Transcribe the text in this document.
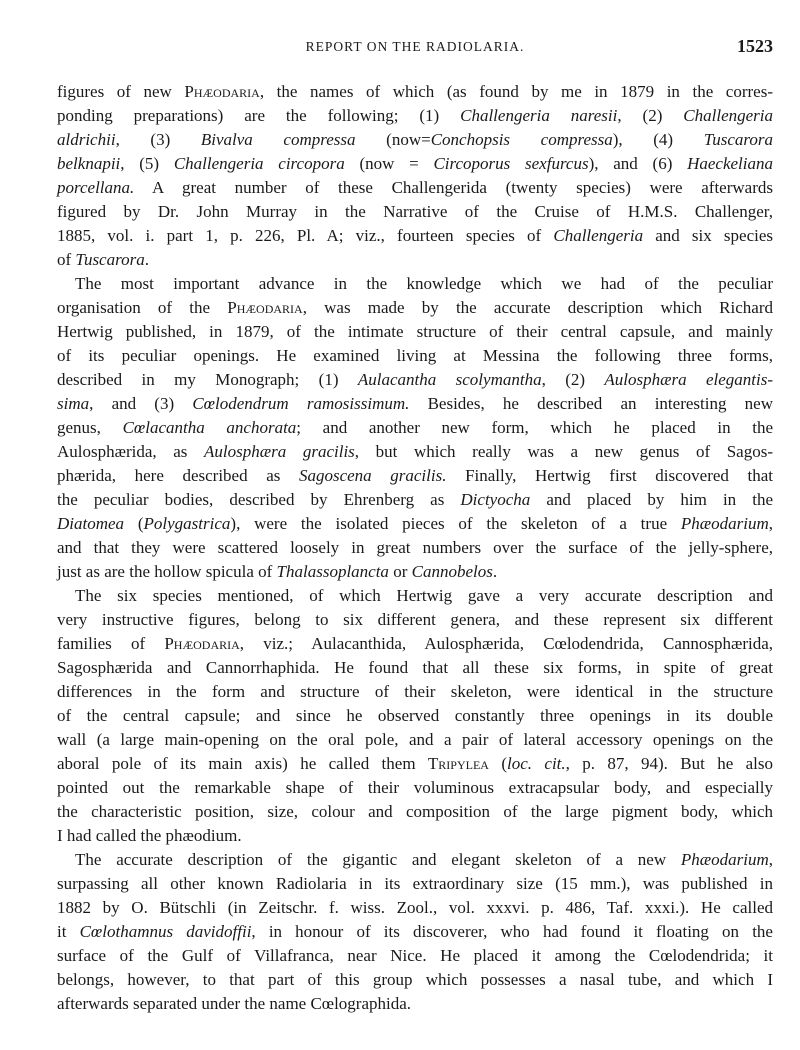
REPORT ON THE RADIOLARIA.	1523
figures of new Phæodaria, the names of which (as found by me in 1879 in the corres-
ponding preparations) are the following; (1) Challengeria naresii, (2) Challengeria
aldrichii, (3) Bivalva compressa (now=Conchopsis compressa), (4) Tuscarora
belknapii, (5) Challengeria circopora (now = Circoporus sexfurcus), and (6) Haeckeliana
porcellana. A great number of these Challengerida (twenty species) were afterwards
figured by Dr. John Murray in the Narrative of the Cruise of H.M.S. Challenger,
1885, vol. i. part 1, p. 226, Pl. A; viz., fourteen species of Challengeria and six species
of Tuscarora.
The most important advance in the knowledge which we had of the peculiar
organisation of the Phæodaria, was made by the accurate description which Richard
Hertwig published, in 1879, of the intimate structure of their central capsule, and mainly
of its peculiar openings. He examined living at Messina the following three forms,
described in my Monograph; (1) Aulacantha scolymantha, (2) Aulosphæra elegantis-
sima, and (3) Cœlodendrum ramosissimum. Besides, he described an interesting new
genus, Cœlacantha anchorata; and another new form, which he placed in the
Aulosphærida, as Aulosphæra gracilis, but which really was a new genus of Sagos-
phærida, here described as Sagoscena gracilis. Finally, Hertwig first discovered that
the peculiar bodies, described by Ehrenberg as Dictyocha and placed by him in the
Diatomea (Polygastrica), were the isolated pieces of the skeleton of a true Phæodarium,
and that they were scattered loosely in great numbers over the surface of the jelly-sphere,
just as are the hollow spicula of Thalassoplancta or Cannobelos.
The six species mentioned, of which Hertwig gave a very accurate description and
very instructive figures, belong to six different genera, and these represent six different
families of Phæodaria, viz.; Aulacanthida, Aulosphærida, Cœlodendrida, Cannosphærida,
Sagosphærida and Cannorrhaphida. He found that all these six forms, in spite of great
differences in the form and structure of their skeleton, were identical in the structure
of the central capsule; and since he observed constantly three openings in its double
wall (a large main-opening on the oral pole, and a pair of lateral accessory openings on the
aboral pole of its main axis) he called them Tripylea (loc. cit., p. 87, 94). But he also
pointed out the remarkable shape of their voluminous extracapsular body, and especially
the characteristic position, size, colour and composition of the large pigment body, which
I had called the phæodium.
The accurate description of the gigantic and elegant skeleton of a new Phæodarium,
surpassing all other known Radiolaria in its extraordinary size (15 mm.), was published in
1882 by O. Bütschli (in Zeitschr. f. wiss. Zool., vol. xxxvi. p. 486, Taf. xxxi.). He called
it Cœlothamnus davidoffii, in honour of its discoverer, who had found it floating on the
surface of the Gulf of Villafranca, near Nice. He placed it among the Cœlodendrida; it
belongs, however, to that part of this group which possesses a nasal tube, and which I
afterwards separated under the name Cœlographida.
